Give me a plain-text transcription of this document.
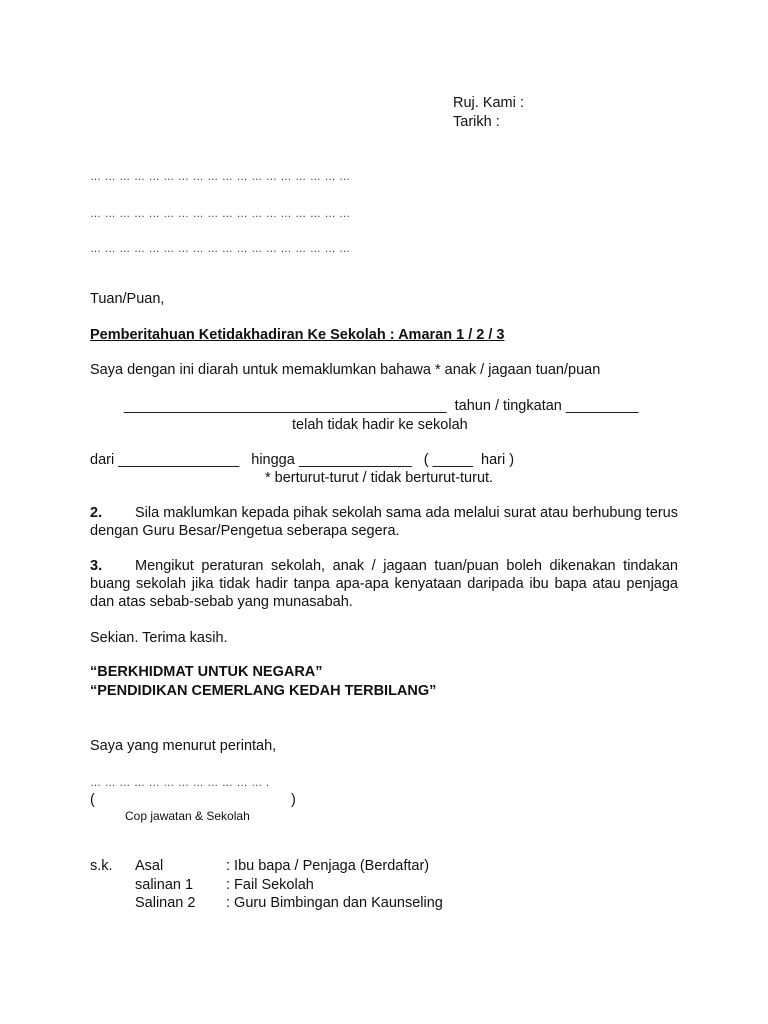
Ruj. Kami :
Tarikh :
… … … … … … … … … … … … … … … … … …
… … … … … … … … … … … … … … … … … …
… … … … … … … … … … … … … … … … … …
Tuan/Puan,
Pemberitahuan Ketidakhadiran Ke Sekolah : Amaran 1 / 2 / 3
Saya dengan ini diarah untuk memaklumkan bahawa * anak / jagaan tuan/puan
________________________________________  tahun / tingkatan _________
telah tidak hadir ke sekolah
dari _______________   hingga ______________   ( _____  hari )
* berturut-turut / tidak berturut-turut.
2. Sila maklumkan kepada pihak sekolah sama ada melalui surat atau berhubung terus dengan Guru Besar/Pengetua seberapa segera.
3. Mengikut peraturan sekolah, anak / jagaan tuan/puan boleh dikenakan tindakan buang sekolah jika tidak hadir tanpa apa-apa kenyataan daripada ibu bapa atau penjaga dan atas sebab-sebab yang munasabah.
Sekian. Terima kasih.
“BERKHIDMAT UNTUK NEGARA”
“PENDIDIKAN CEMERLANG KEDAH TERBILANG”
Saya yang menurut perintah,
… … … … … … … … … … … … .
(	)
Cop jawatan & Sekolah
s.k. Asal	: Ibu bapa / Penjaga (Berdaftar)
salinan 1 : Fail Sekolah
Salinan 2 : Guru Bimbingan dan Kaunseling
